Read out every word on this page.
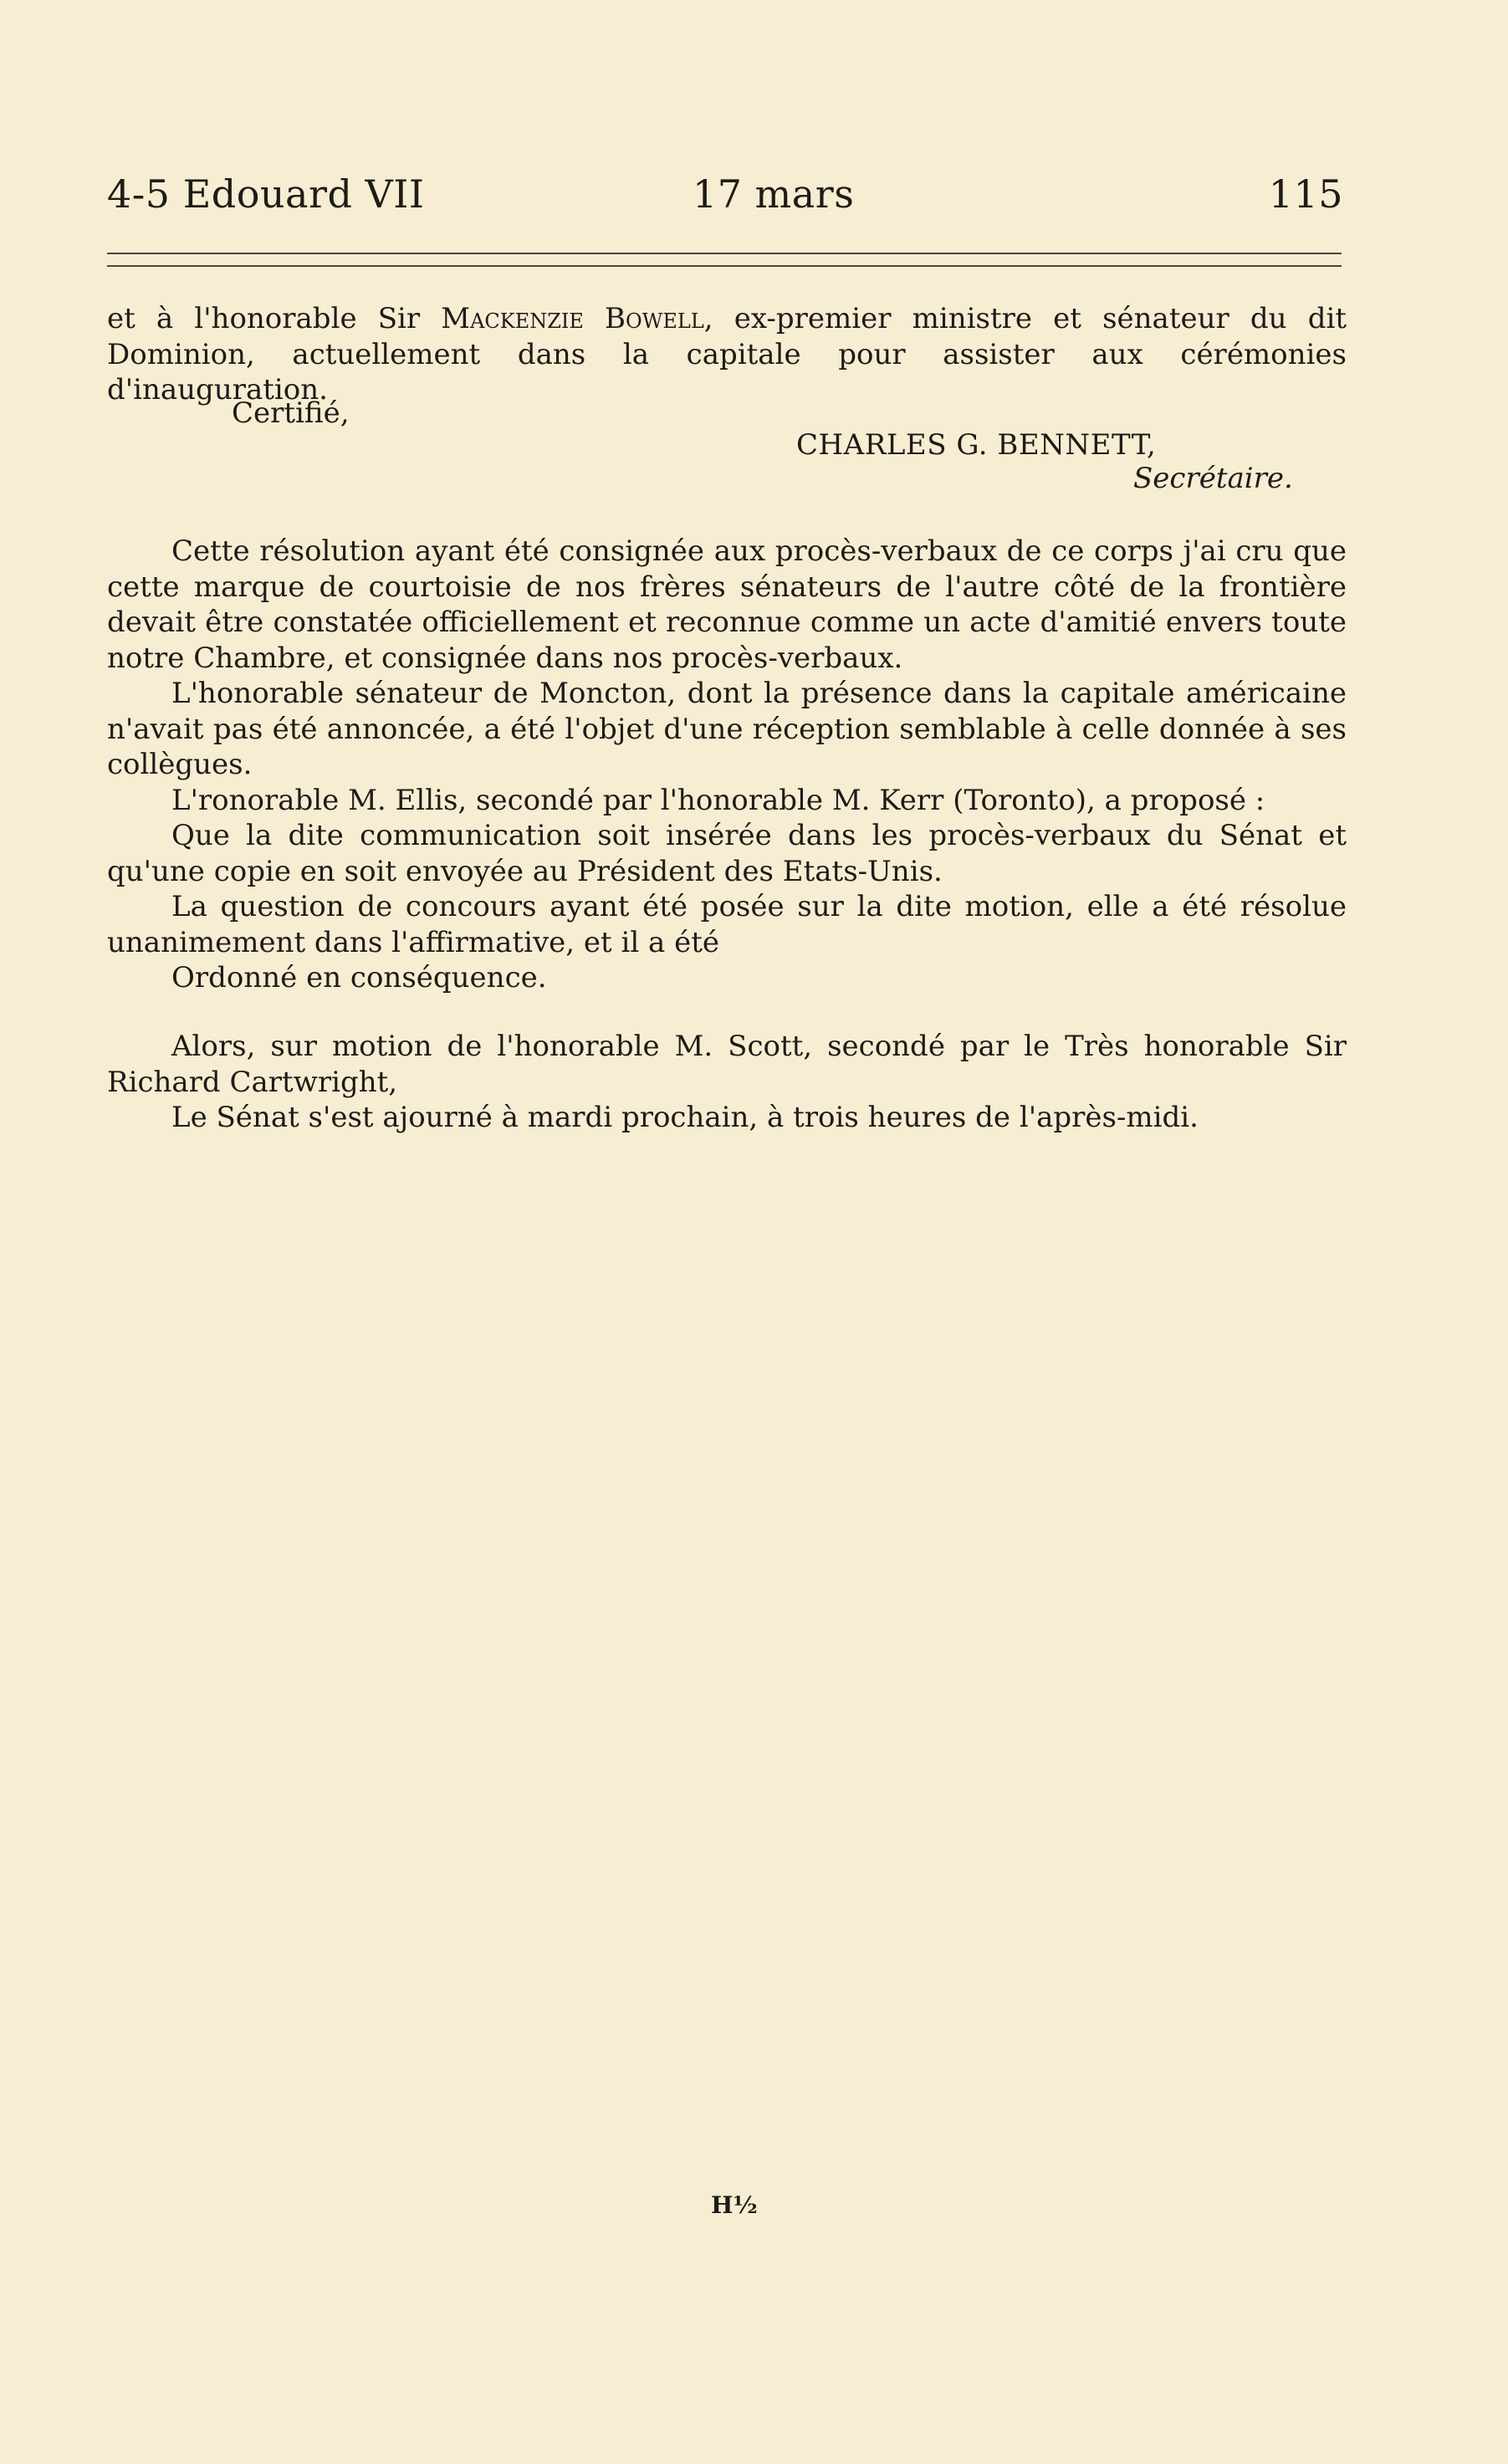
4-5 Edouard VII	17 mars	115

et à l'honorable Sir Mackenzie Bowell, ex-premier ministre et sénateur du dit Dominion, actuellement dans la capitale pour assister aux cérémonies d'inauguration.

Certifié,
CHARLES G. BENNETT,
Secrétaire.

Cette résolution ayant été consignée aux procès-verbaux de ce corps j'ai cru que cette marque de courtoisie de nos frères sénateurs de l'autre côté de la frontière devait être constatée officiellement et reconnue comme un acte d'amitié envers toute notre Chambre, et consignée dans nos procès-verbaux.

L'honorable sénateur de Moncton, dont la présence dans la capitale américaine n'avait pas été annoncée, a été l'objet d'une réception semblable à celle donnée à ses collègues.

L'ronorable M. Ellis, secondé par l'honorable M. Kerr (Toronto), a proposé :

Que la dite communication soit insérée dans les procès-verbaux du Sénat et qu'une copie en soit envoyée au Président des Etats-Unis.

La question de concours ayant été posée sur la dite motion, elle a été résolue unanimement dans l'affirmative, et il a été

Ordonné en conséquence.

Alors, sur motion de l'honorable M. Scott, secondé par le Très honorable Sir Richard Cartwright,

Le Sénat s'est ajourné à mardi prochain, à trois heures de l'après-midi.

H½
